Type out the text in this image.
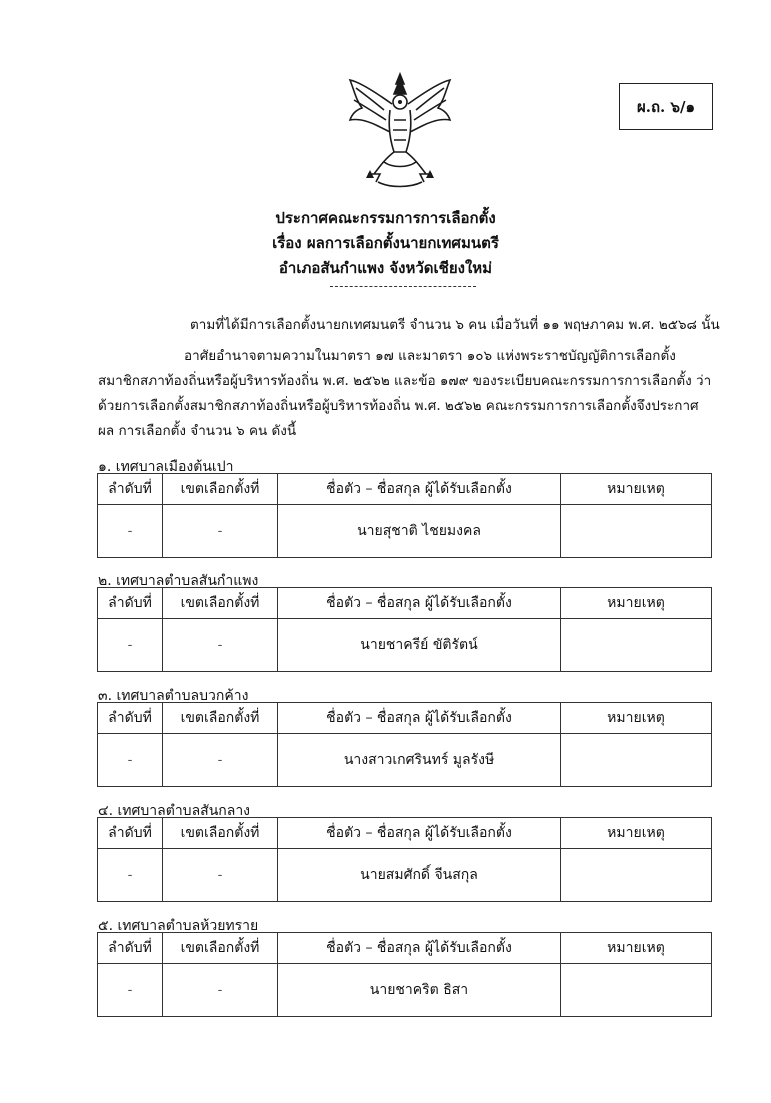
ผ.ถ. ๖/๑
ประกาศคณะกรรมการการเลือกตั้ง
เรื่อง ผลการเลือกตั้งนายกเทศมนตรี
อำเภอสันกำแพง จังหวัดเชียงใหม่
ตามที่ได้มีการเลือกตั้งนายกเทศมนตรี จำนวน ๖ คน เมื่อวันที่ ๑๑ พฤษภาคม พ.ศ. ๒๕๖๘ นั้น
อาศัยอำนาจตามความในมาตรา ๑๗ และมาตรา ๑๐๖ แห่งพระราชบัญญัติการเลือกตั้ง สมาชิกสภาท้องถิ่นหรือผู้บริหารท้องถิ่น พ.ศ. ๒๕๖๒ และข้อ ๑๗๙ ของระเบียบคณะกรรมการการเลือกตั้ง ว่าด้วยการเลือกตั้งสมาชิกสภาท้องถิ่นหรือผู้บริหารท้องถิ่น พ.ศ. ๒๕๖๒ คณะกรรมการการเลือกตั้งจึงประกาศผล การเลือกตั้ง จำนวน ๖ คน ดังนี้
๑. เทศบาลเมืองต้นเปา
ลำดับที่	เขตเลือกตั้งที่	ชื่อตัว – ชื่อสกุล ผู้ได้รับเลือกตั้ง	หมายเหตุ
-	-	นายสุชาติ ไชยมงคล	
๒. เทศบาลตำบลสันกำแพง
ลำดับที่	เขตเลือกตั้งที่	ชื่อตัว – ชื่อสกุล ผู้ได้รับเลือกตั้ง	หมายเหตุ
-	-	นายชาครีย์ ขัติรัตน์	
๓. เทศบาลตำบลบวกค้าง
ลำดับที่	เขตเลือกตั้งที่	ชื่อตัว – ชื่อสกุล ผู้ได้รับเลือกตั้ง	หมายเหตุ
-	-	นางสาวเกศรินทร์ มูลรังษี	
๔. เทศบาลตำบลสันกลาง
ลำดับที่	เขตเลือกตั้งที่	ชื่อตัว – ชื่อสกุล ผู้ได้รับเลือกตั้ง	หมายเหตุ
-	-	นายสมศักดิ์ จีนสกุล	
๕. เทศบาลตำบลห้วยทราย
ลำดับที่	เขตเลือกตั้งที่	ชื่อตัว – ชื่อสกุล ผู้ได้รับเลือกตั้ง	หมายเหตุ
-	-	นายชาคริต ธิสา	
